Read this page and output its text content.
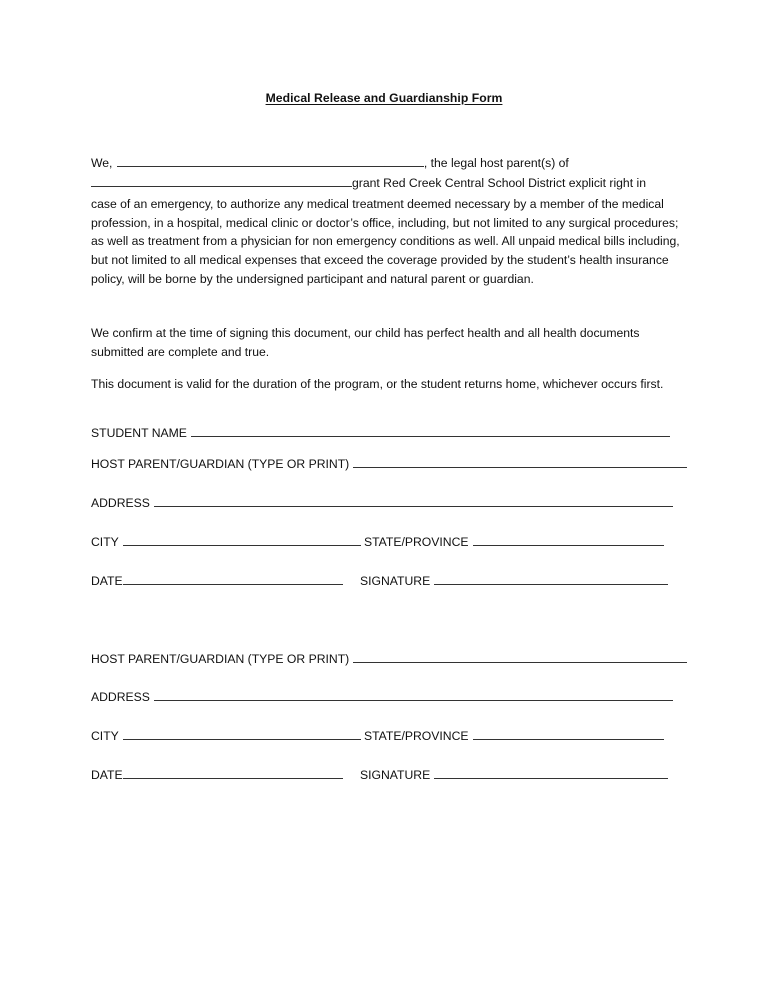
Medical Release and Guardianship Form
We,	, the legal host parent(s) of
grant Red Creek Central School District explicit right in
case of an emergency, to authorize any medical treatment deemed necessary by a member of the medical profession, in a hospital, medical clinic or doctor’s office, including, but not limited to any surgical procedures; as well as treatment from a physician for non emergency conditions as well. All unpaid medical bills including, but not limited to all medical expenses that exceed the coverage provided by the student’s health insurance policy, will be borne by the undersigned participant and natural parent or guardian.
We confirm at the time of signing this document, our child has perfect health and all health documents submitted are complete and true.
This document is valid for the duration of the program, or the student returns home, whichever occurs first.
STUDENT NAME
HOST PARENT/GUARDIAN (TYPE OR PRINT)
ADDRESS
CITY	STATE/PROVINCE
DATE	SIGNATURE
HOST PARENT/GUARDIAN (TYPE OR PRINT)
ADDRESS
CITY	STATE/PROVINCE
DATE	SIGNATURE
